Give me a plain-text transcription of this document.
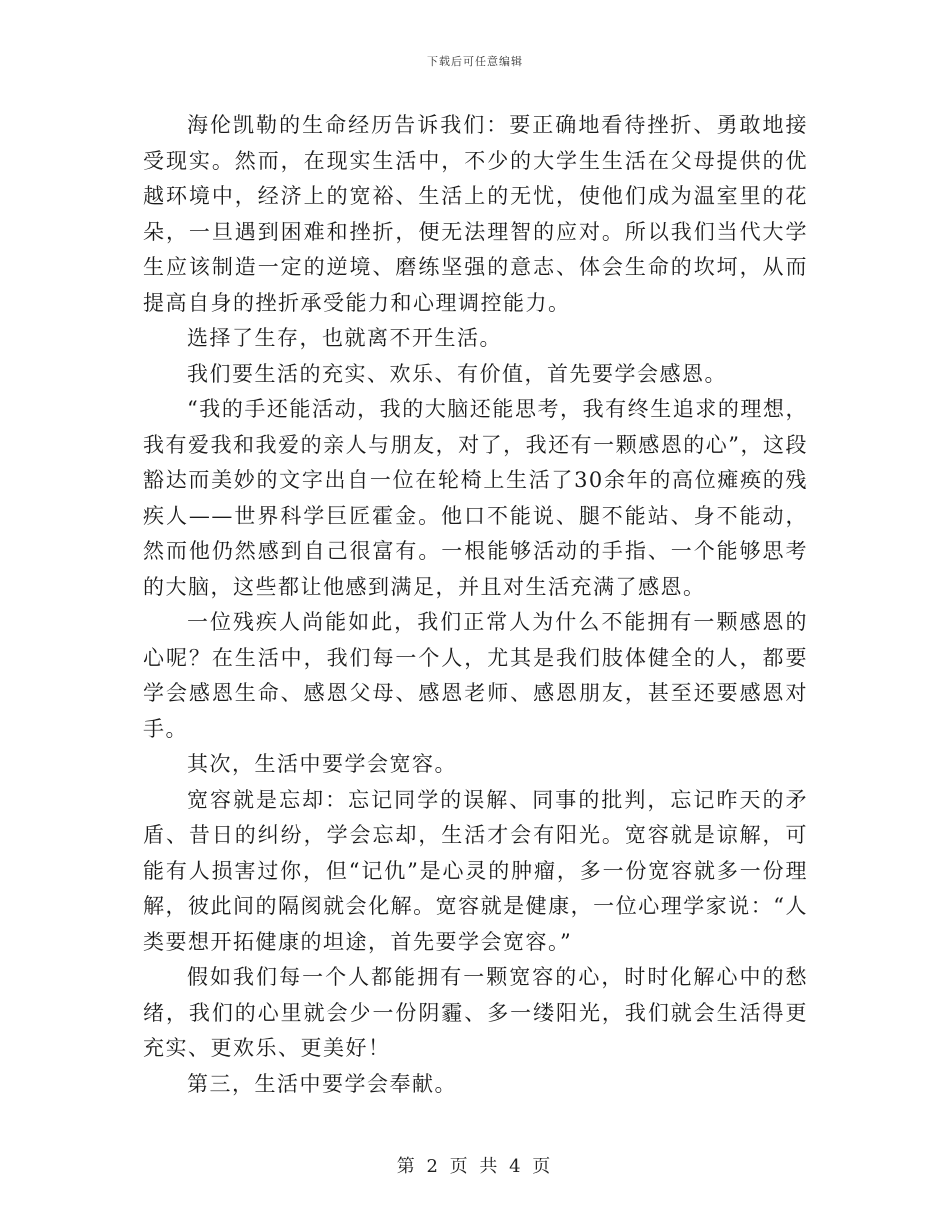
下载后可任意编辑

海伦凯勒的生命经历告诉我们：要正确地看待挫折、勇敢地接受现实。然而，在现实生活中，不少的大学生生活在父母提供的优越环境中，经济上的宽裕、生活上的无忧，使他们成为温室里的花朵，一旦遇到困难和挫折，便无法理智的应对。所以我们当代大学生应该制造一定的逆境、磨练坚强的意志、体会生命的坎坷，从而提高自身的挫折承受能力和心理调控能力。

选择了生存，也就离不开生活。

我们要生活的充实、欢乐、有价值，首先要学会感恩。

“我的手还能活动，我的大脑还能思考，我有终生追求的理想，我有爱我和我爱的亲人与朋友，对了，我还有一颗感恩的心”，这段豁达而美妙的文字出自一位在轮椅上生活了30余年的高位瘫痪的残疾人——世界科学巨匠霍金。他口不能说、腿不能站、身不能动，然而他仍然感到自己很富有。一根能够活动的手指、一个能够思考的大脑，这些都让他感到满足，并且对生活充满了感恩。

一位残疾人尚能如此，我们正常人为什么不能拥有一颗感恩的心呢？在生活中，我们每一个人，尤其是我们肢体健全的人，都要学会感恩生命、感恩父母、感恩老师、感恩朋友，甚至还要感恩对手。

其次，生活中要学会宽容。

宽容就是忘却：忘记同学的误解、同事的批判，忘记昨天的矛盾、昔日的纠纷，学会忘却，生活才会有阳光。宽容就是谅解，可能有人损害过你，但“记仇”是心灵的肿瘤，多一份宽容就多一份理解，彼此间的隔阂就会化解。宽容就是健康，一位心理学家说：“人类要想开拓健康的坦途，首先要学会宽容。”

假如我们每一个人都能拥有一颗宽容的心，时时化解心中的愁绪，我们的心里就会少一份阴霾、多一缕阳光，我们就会生活得更充实、更欢乐、更美好！

第三，生活中要学会奉献。

第 2 页 共 4 页
